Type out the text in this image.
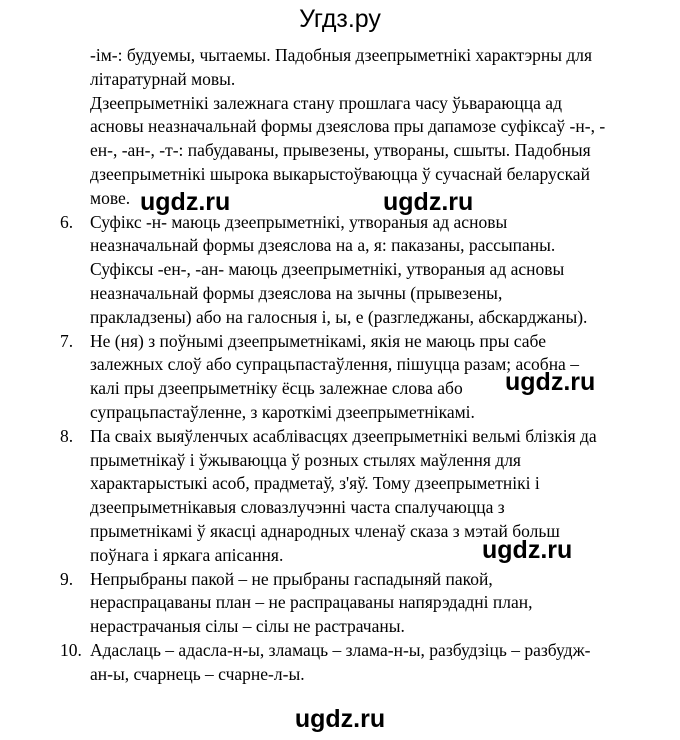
Угдз.ру
-ім-: будуемы, чытаемы. Падобныя дзеепрыметнікі характэрны для
літаратурнай мовы.
Дзеепрыметнікі залежнага стану прошлага часу ўьвараюцца ад
асновы неазначальнай формы дзеяслова пры дапамозе суфіксаў -н-, -
ен-, -ан-, -т-: пабудаваны, прывезены, утвораны, сшыты. Падобныя
дзеепрыметнікі шырока выкарыстоўваюцца ў сучаснай беларускай
мове.
6. Суфікс -н- маюць дзеепрыметнікі, утвораныя ад асновы
неазначальнай формы дзеяслова на а, я: паказаны, рассыпаны.
Суфіксы -ен-, -ан- маюць дзеепрыметнікі, утвораныя ад асновы
неазначальнай формы дзеяслова на зычны (прывезены,
пракладзены) або на галосныя і, ы, е (разгледжаны, абскарджаны).
7. Не (ня) з поўнымі дзеепрыметнікамі, якія не маюць пры сабе
залежных слоў або супрацьпастаўлення, пішуцца разам; асобна –
калі пры дзеепрыметніку ёсць залежнае слова або
супрацьпастаўленне, з кароткімі дзеепрыметнікамі.
8. Па сваіх выяўленчых асаблівасцях дзеепрыметнікі вельмі блізкія да
прыметнікаў і ўжываюцца ў розных стылях маўлення для
характарыстыкі асоб, прадметаў, з'яў. Тому дзеепрыметнікі і
дзеепрыметнікавыя словазлучэнні часта спалучаюцца з
прыметнікамі ў якасці аднародных членаў сказа з мэтай больш
поўнага і яркага апісання.
9. Непрыбраны пакой – не прыбраны гаспадыняй пакой,
нераспрацаваны план – не распрацаваны напярэдадні план,
нерастрачаныя сілы – сілы не растрачаны.
10. Адаслаць – адасла-н-ы, зламаць – злама-н-ы, разбудзіць – разбудж-
ан-ы, счарнець – счарне-л-ы.
ugdz.ru	ugdz.ru
ugdz.ru
ugdz.ru
ugdz.ru
